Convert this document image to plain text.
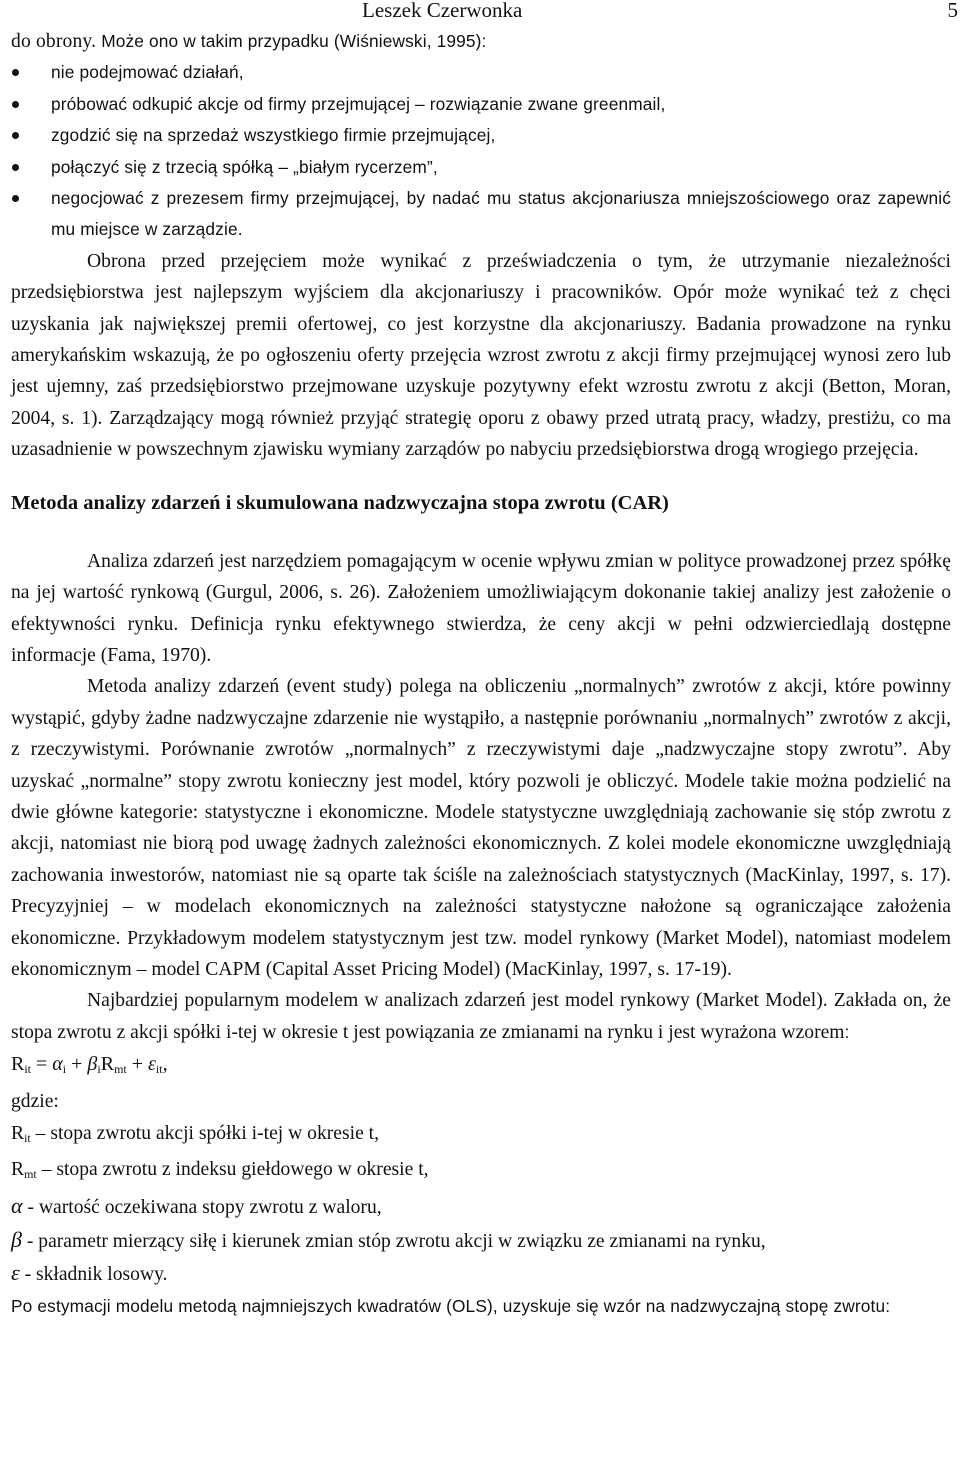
Leszek Czerwonka	5

do obrony. Może ono w takim przypadku (Wiśniewski, 1995):

nie podejmować działań,
próbować odkupić akcje od firmy przejmującej – rozwiązanie zwane greenmail,
zgodzić się na sprzedaż wszystkiego firmie przejmującej,
połączyć się z trzecią spółką – „białym rycerzem”,
negocjować z prezesem firmy przejmującej, by nadać mu status akcjonariusza mniejszościowego oraz zapewnić mu miejsce w zarządzie.

Obrona przed przejęciem może wynikać z przeświadczenia o tym, że utrzymanie niezależności przedsiębiorstwa jest najlepszym wyjściem dla akcjonariuszy i pracowników. Opór może wynikać też z chęci uzyskania jak największej premii ofertowej, co jest korzystne dla akcjonariuszy. Badania prowadzone na rynku amerykańskim wskazują, że po ogłoszeniu oferty przejęcia wzrost zwrotu z akcji firmy przejmującej wynosi zero lub jest ujemny, zaś przedsiębiorstwo przejmowane uzyskuje pozytywny efekt wzrostu zwrotu z akcji (Betton, Moran, 2004, s. 1). Zarządzający mogą również przyjąć strategię oporu z obawy przed utratą pracy, władzy, prestiżu, co ma uzasadnienie w powszechnym zjawisku wymiany zarządów po nabyciu przedsiębiorstwa drogą wrogiego przejęcia.

Metoda analizy zdarzeń i skumulowana nadzwyczajna stopa zwrotu (CAR)

Analiza zdarzeń jest narzędziem pomagającym w ocenie wpływu zmian w polityce prowadzonej przez spółkę na jej wartość rynkową (Gurgul, 2006, s. 26). Założeniem umożliwiającym dokonanie takiej analizy jest założenie o efektywności rynku. Definicja rynku efektywnego stwierdza, że ceny akcji w pełni odzwierciedlają dostępne informacje (Fama, 1970).

Metoda analizy zdarzeń (event study) polega na obliczeniu „normalnych” zwrotów z akcji, które powinny wystąpić, gdyby żadne nadzwyczajne zdarzenie nie wystąpiło, a następnie porównaniu „normalnych” zwrotów z akcji, z rzeczywistymi. Porównanie zwrotów „normalnych” z rzeczywistymi daje „nadzwyczajne stopy zwrotu”. Aby uzyskać „normalne” stopy zwrotu konieczny jest model, który pozwoli je obliczyć. Modele takie można podzielić na dwie główne kategorie: statystyczne i ekonomiczne. Modele statystyczne uwzględniają zachowanie się stóp zwrotu z akcji, natomiast nie biorą pod uwagę żadnych zależności ekonomicznych. Z kolei modele ekonomiczne uwzględniają zachowania inwestorów, natomiast nie są oparte tak ściśle na zależnościach statystycznych (MacKinlay, 1997, s. 17). Precyzyjniej – w modelach ekonomicznych na zależności statystyczne nałożone są ograniczające założenia ekonomiczne. Przykładowym modelem statystycznym jest tzw. model rynkowy (Market Model), natomiast modelem ekonomicznym – model CAPM (Capital Asset Pricing Model) (MacKinlay, 1997, s. 17-19).

Najbardziej popularnym modelem w analizach zdarzeń jest model rynkowy (Market Model). Zakłada on, że stopa zwrotu z akcji spółki i-tej w okresie t jest powiązania ze zmianami na rynku i jest wyrażona wzorem:

$R_{it} = \alpha_i + \beta_iR_{mt} + \varepsilon_{it}$,

gdzie:

$R_{it}$ – stopa zwrotu akcji spółki i-tej w okresie t,
$R_{mt}$ – stopa zwrotu z indeksu giełdowego w okresie t,
α - wartość oczekiwana stopy zwrotu z waloru,
β - parametr mierzący siłę i kierunek zmian stóp zwrotu akcji w związku ze zmianami na rynku,
ε - składnik losowy.

Po estymacji modelu metodą najmniejszych kwadratów (OLS), uzyskuje się wzór na nadzwyczajną stopę zwrotu:
